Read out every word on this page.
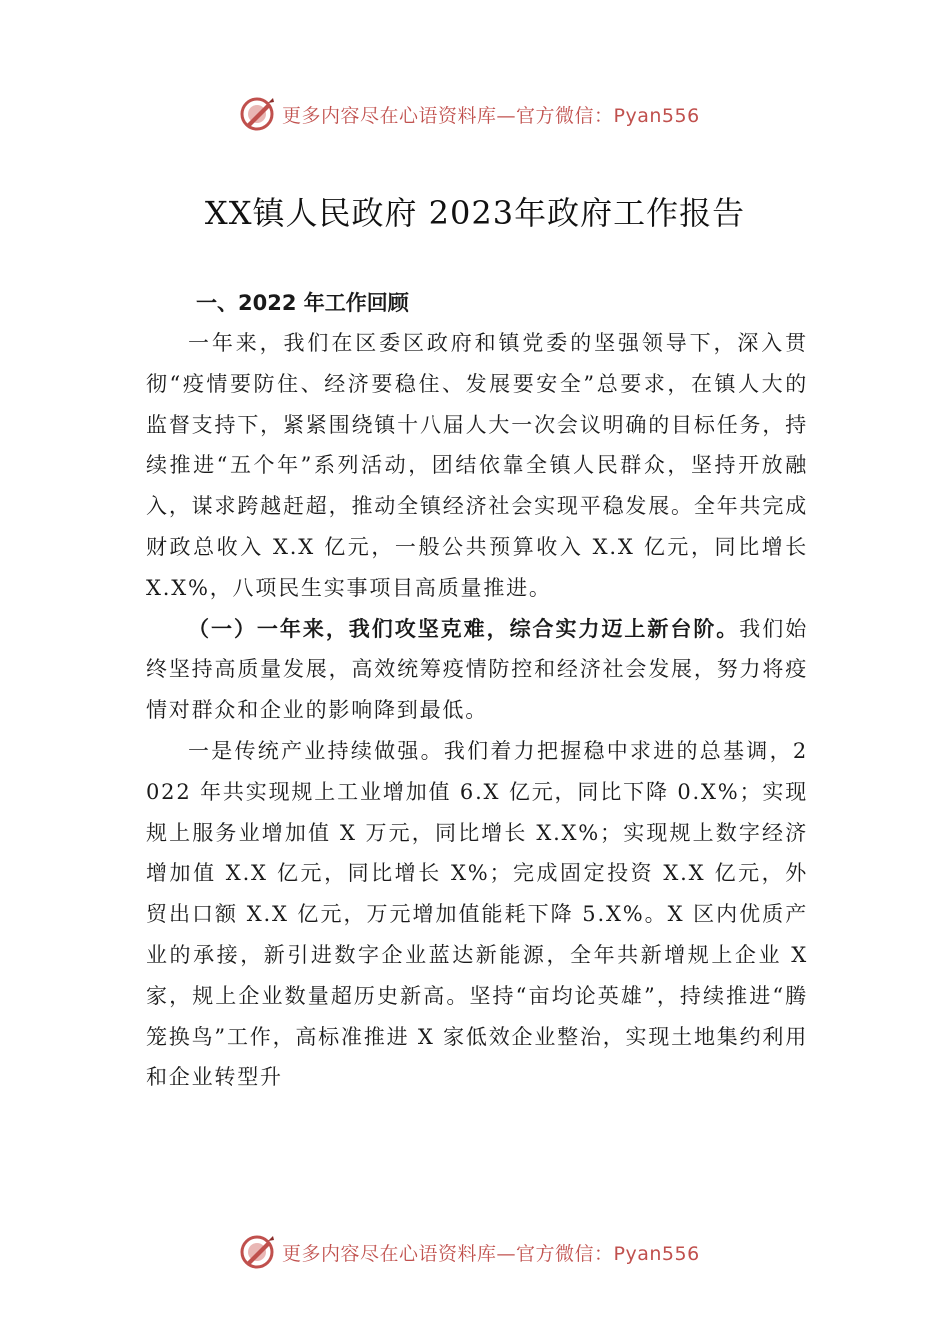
更多内容尽在心语资料库—官方微信：Pyan556
XX镇人民政府 2023年政府工作报告
一、2022 年工作回顾

一年来，我们在区委区政府和镇党委的坚强领导下，深入贯彻“疫情要防住、经济要稳住、发展要安全”总要求，在镇人大的监督支持下，紧紧围绕镇十八届人大一次会议明确的目标任务，持续推进“五个年”系列活动，团结依靠全镇人民群众，坚持开放融入，谋求跨越赶超，推动全镇经济社会实现平稳发展。全年共完成财政总收入 X.X 亿元，一般公共预算收入 X.X 亿元，同比增长 X.X%，八项民生实事项目高质量推进。

（一）一年来，我们攻坚克难，综合实力迈上新台阶。我们始终坚持高质量发展，高效统筹疫情防控和经济社会发展，努力将疫情对群众和企业的影响降到最低。

一是传统产业持续做强。我们着力把握稳中求进的总基调，2022 年共实现规上工业增加值 6.X 亿元，同比下降 0.X%；实现规上服务业增加值 X 万元，同比增长 X.X%；实现规上数字经济增加值 X.X 亿元，同比增长 X%；完成固定投资 X.X 亿元，外贸出口额 X.X 亿元，万元增加值能耗下降 5.X%。X 区内优质产业的承接，新引进数字企业蓝达新能源，全年共新增规上企业 X 家，规上企业数量超历史新高。坚持“亩均论英雄”，持续推进“腾笼换鸟”工作，高标准推进 X 家低效企业整治，实现土地集约利用和企业转型升

更多内容尽在心语资料库—官方微信：Pyan556
